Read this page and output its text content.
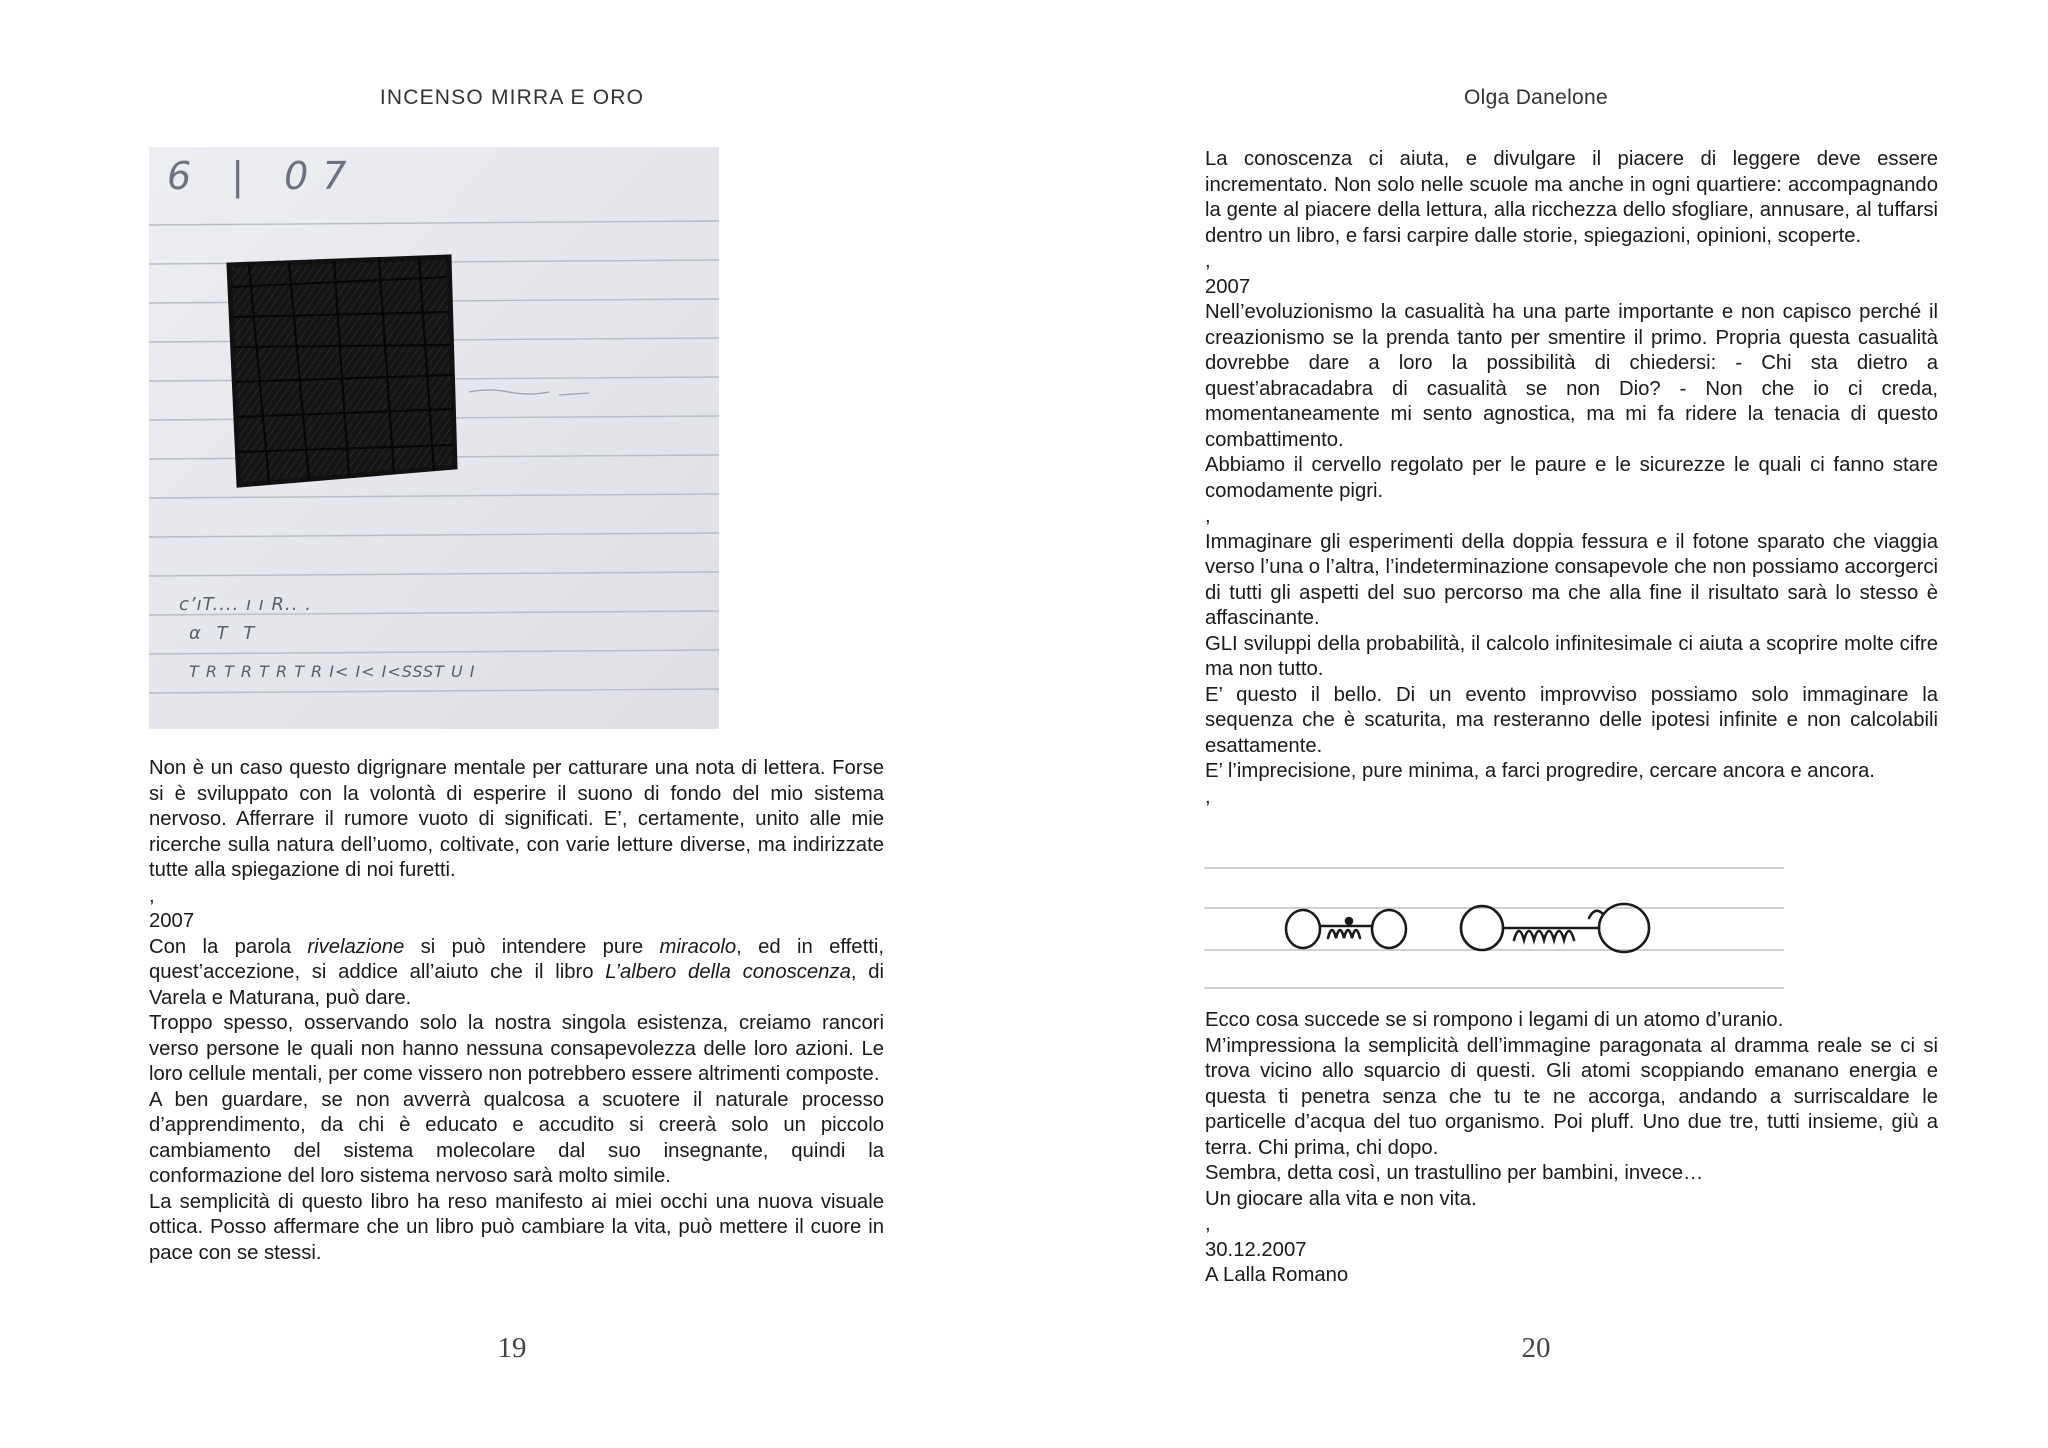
INCENSO MIRRA E ORO
6 | 07
c’ıT.... ı ı R.. .
α T T
T R T R T R T R I< I< I<SSST U I

Non è un caso questo digrignare mentale per catturare una nota di lettera. Forse si è sviluppato con la volontà di esperire il suono di fondo del mio sistema nervoso. Afferrare il rumore vuoto di significati. E’, certamente, unito alle mie ricerche sulla natura dell’uomo, coltivate, con varie letture diverse, ma indirizzate tutte alla spiegazione di noi furetti.

,

2007

Con la parola rivelazione si può intendere pure miracolo, ed in effetti, quest’accezione, si addice all’aiuto che il libro L’albero della conoscenza, di Varela e Maturana, può dare.

Troppo spesso, osservando solo la nostra singola esistenza, creiamo rancori verso persone le quali non hanno nessuna consapevolezza delle loro azioni. Le loro cellule mentali, per come vissero non potrebbero essere altrimenti composte.

A ben guardare, se non avverrà qualcosa a scuotere il naturale processo d’apprendimento, da chi è educato e accudito si creerà solo un piccolo cambiamento del sistema molecolare dal suo insegnante, quindi la conformazione del loro sistema nervoso sarà molto simile.

La semplicità di questo libro ha reso manifesto ai miei occhi una nuova visuale ottica. Posso affermare che un libro può cambiare la vita, può mettere il cuore in pace con se stessi.

19
Olga Danelone

La conoscenza ci aiuta, e divulgare il piacere di leggere deve essere incrementato. Non solo nelle scuole ma anche in ogni quartiere: accompagnando la gente al piacere della lettura, alla ricchezza dello sfogliare, annusare, al tuffarsi dentro un libro, e farsi carpire dalle storie, spiegazioni, opinioni, scoperte.

,

2007

Nell’evoluzionismo la casualità ha una parte importante e non capisco perché il creazionismo se la prenda tanto per smentire il primo. Propria questa casualità dovrebbe dare a loro la possibilità di chiedersi: - Chi sta dietro a quest’abracadabra di casualità se non Dio? - Non che io ci creda, momentaneamente mi sento agnostica, ma mi fa ridere la tenacia di questo combattimento.

Abbiamo il cervello regolato per le paure e le sicurezze le quali ci fanno stare comodamente pigri.

,

Immaginare gli esperimenti della doppia fessura e il fotone sparato che viaggia verso l’una o l’altra, l’indeterminazione consapevole che non possiamo accorgerci di tutti gli aspetti del suo percorso ma che alla fine il risultato sarà lo stesso è affascinante.

GLI sviluppi della probabilità, il calcolo infinitesimale ci aiuta a scoprire molte cifre ma non tutto.

E’ questo il bello. Di un evento improvviso possiamo solo immaginare la sequenza che è scaturita, ma resteranno delle ipotesi infinite e non calcolabili esattamente.

E’ l’imprecisione, pure minima, a farci progredire, cercare ancora e ancora.

,

Ecco cosa succede se si rompono i legami di un atomo d’uranio.

M’impressiona la semplicità dell’immagine paragonata al dramma reale se ci si trova vicino allo squarcio di questi. Gli atomi scoppiando emanano energia e questa ti penetra senza che tu te ne accorga, andando a surriscaldare le particelle d’acqua del tuo organismo. Poi pluff. Uno due tre, tutti insieme, giù a terra. Chi prima, chi dopo.

Sembra, detta così, un trastullino per bambini, invece…

Un giocare alla vita e non vita.

,

30.12.2007

A Lalla Romano

20
